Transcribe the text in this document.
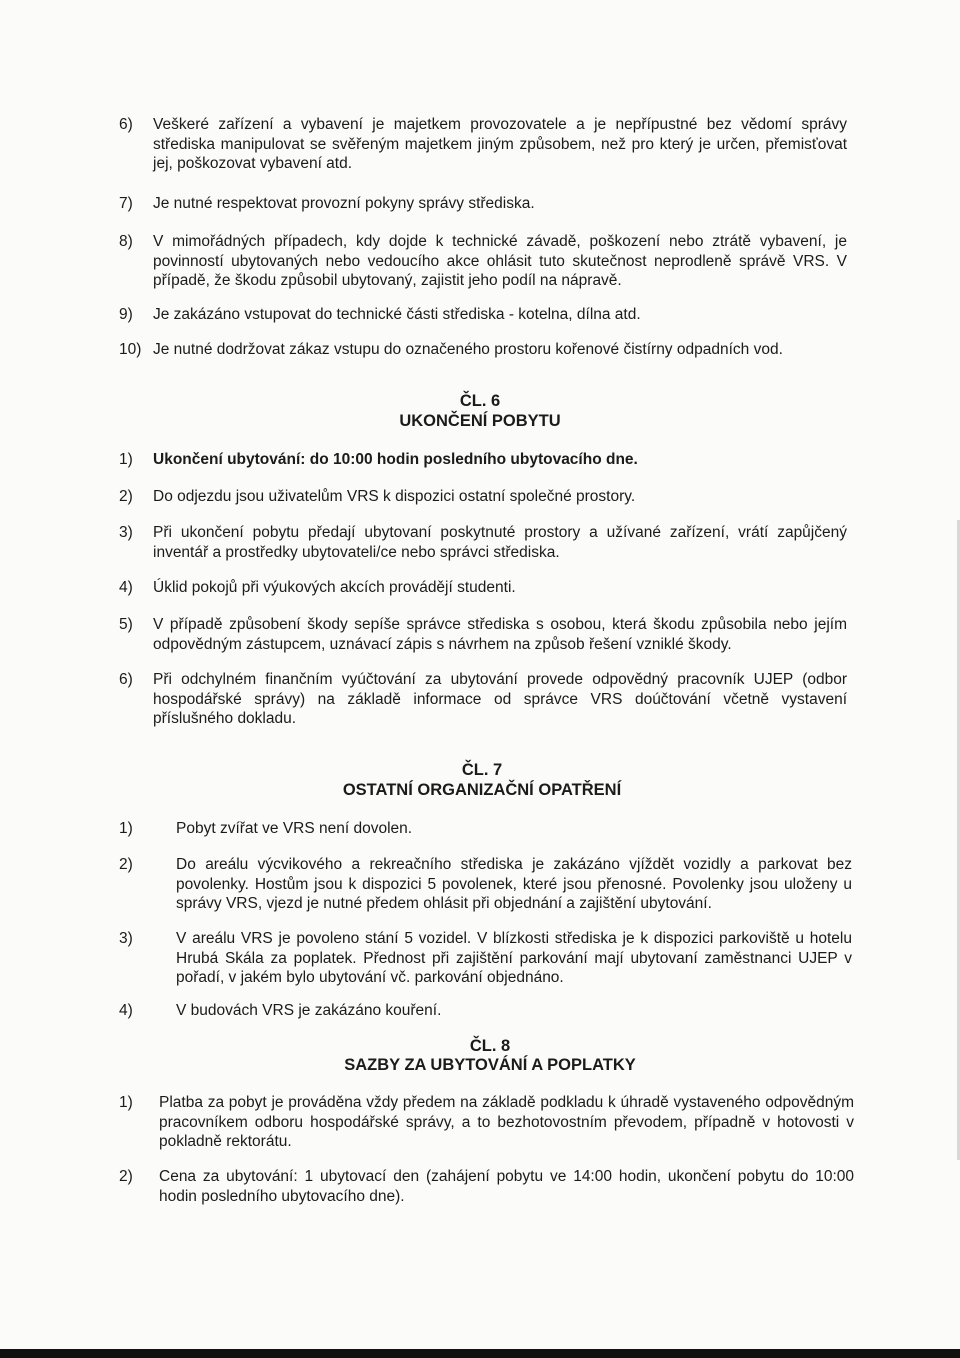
6)	Veškeré zařízení a vybavení je majetkem provozovatele a je nepřípustné bez vědomí správy střediska manipulovat se svěřeným majetkem jiným způsobem, než pro který je určen, přemisťovat jej, poškozovat vybavení atd.
7)	Je nutné respektovat provozní pokyny správy střediska.
8)	V mimořádných případech, kdy dojde k technické závadě, poškození nebo ztrátě vybavení, je povinností ubytovaných nebo vedoucího akce ohlásit tuto skutečnost neprodleně správě VRS. V případě, že škodu způsobil ubytovaný, zajistit jeho podíl na nápravě.
9)	Je zakázáno vstupovat do technické části střediska - kotelna, dílna atd.
10) Je nutné dodržovat zákaz vstupu do označeného prostoru kořenové čistírny odpadních vod.
ČL. 6
UKONČENÍ POBYTU
1)	Ukončení ubytování: do 10:00 hodin posledního ubytovacího dne.
2)	Do odjezdu jsou uživatelům VRS k dispozici ostatní společné prostory.
3)	Při ukončení pobytu předají ubytovaní poskytnuté prostory a užívané zařízení, vrátí zapůjčený inventář a prostředky ubytovateli/ce nebo správci střediska.
4)	Úklid pokojů při výukových akcích provádějí studenti.
5)	V případě způsobení škody sepíše správce střediska s osobou, která škodu způsobila nebo jejím odpovědným zástupcem, uznávací zápis s návrhem na způsob řešení vzniklé škody.
6)	Při odchylném finančním vyúčtování za ubytování provede odpovědný pracovník UJEP (odbor hospodářské správy) na základě informace od správce VRS doúčtování včetně vystavení příslušného dokladu.
ČL. 7
OSTATNÍ ORGANIZAČNÍ OPATŘENÍ
1)	Pobyt zvířat ve VRS není dovolen.
2)	Do areálu výcvikového a rekreačního střediska je zakázáno vjíždět vozidly a parkovat bez povolenky. Hostům jsou k dispozici 5 povolenek, které jsou přenosné. Povolenky jsou uloženy u správy VRS, vjezd je nutné předem ohlásit při objednání a zajištění ubytování.
3)	V areálu VRS je povoleno stání 5 vozidel. V blízkosti střediska je k dispozici parkoviště u hotelu Hrubá Skála za poplatek. Přednost při zajištění parkování mají ubytovaní zaměstnanci UJEP v pořadí, v jakém bylo ubytování vč. parkování objednáno.
4)	V budovách VRS je zakázáno kouření.
ČL. 8
SAZBY ZA UBYTOVÁNÍ A POPLATKY
1)	Platba za pobyt je prováděna vždy předem na základě podkladu k úhradě vystaveného odpovědným pracovníkem odboru hospodářské správy, a to bezhotovostním převodem, případně v hotovosti v pokladně rektorátu.
2)	Cena za ubytování: 1 ubytovací den (zahájení pobytu ve 14:00 hodin, ukončení pobytu do 10:00 hodin posledního ubytovacího dne).
